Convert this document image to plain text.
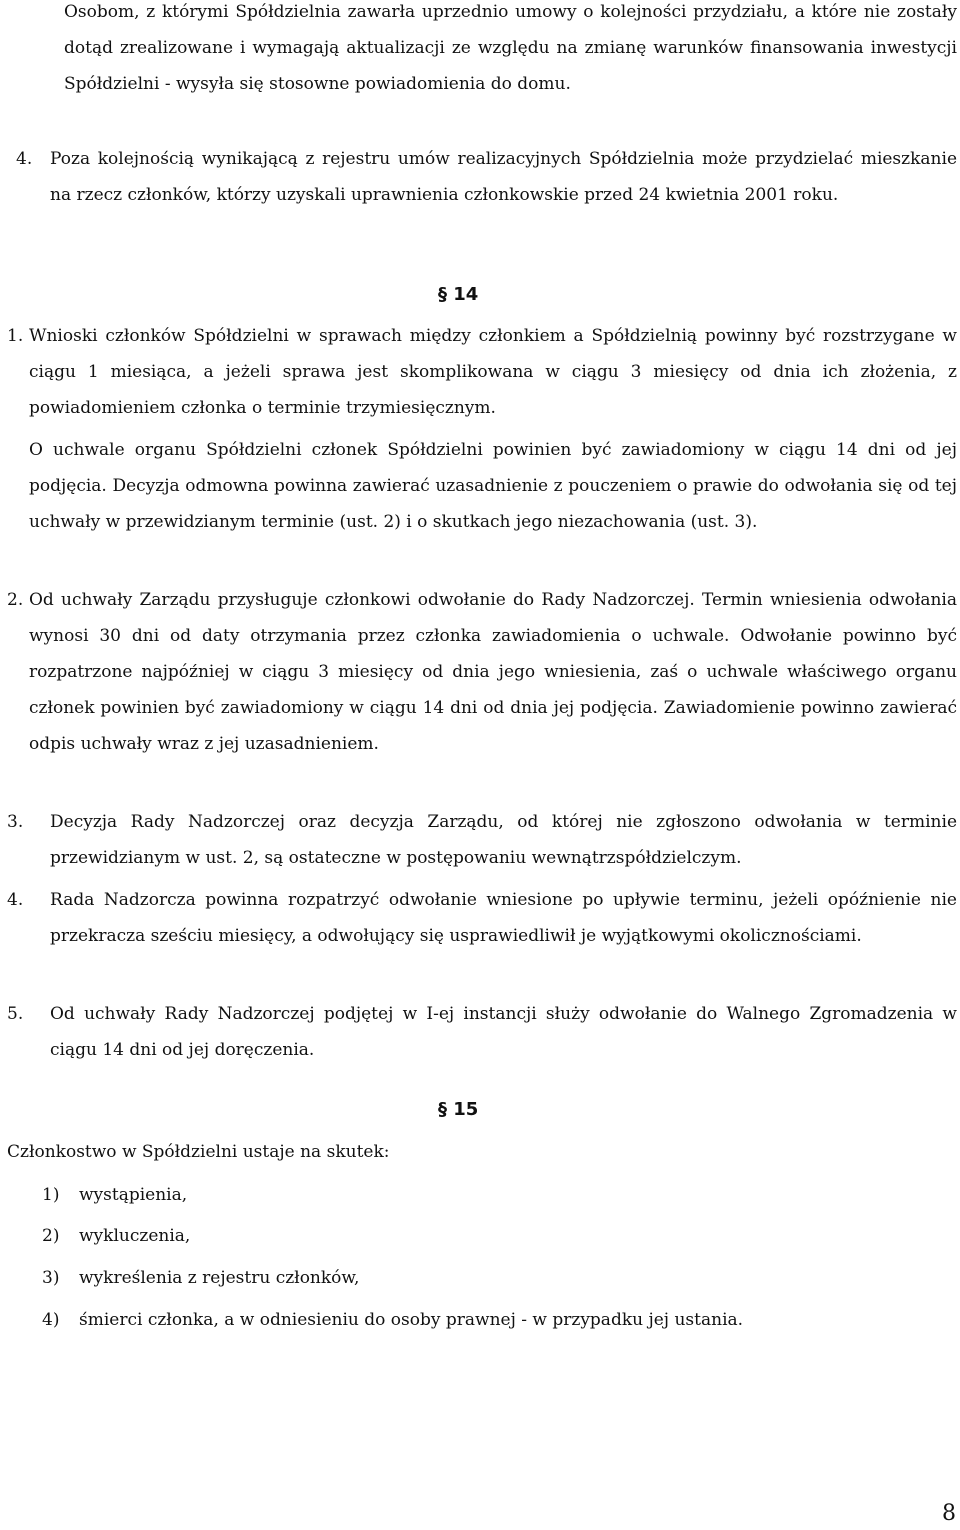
Osobom, z którymi Spółdzielnia zawarła uprzednio umowy o kolejności przydziału, a które nie zostały dotąd zrealizowane i wymagają aktualizacji ze względu na zmianę warunków finansowania inwestycji Spółdzielni - wysyła się stosowne powiadomienia do domu.
4. Poza kolejnością wynikającą z rejestru umów realizacyjnych Spółdzielnia może przydzielać mieszkanie na rzecz członków, którzy uzyskali uprawnienia członkowskie przed 24 kwietnia 2001 roku.
§ 14
1. Wnioski członków Spółdzielni w sprawach między członkiem a Spółdzielnią powinny być rozstrzygane w ciągu 1 miesiąca, a jeżeli sprawa jest skomplikowana w ciągu 3 miesięcy od dnia ich złożenia, z powiadomieniem członka o terminie trzymiesięcznym.
O uchwale organu Spółdzielni członek Spółdzielni powinien być zawiadomiony w ciągu 14 dni od jej podjęcia. Decyzja odmowna powinna zawierać uzasadnienie z pouczeniem o prawie do odwołania się od tej uchwały w przewidzianym terminie (ust. 2) i o skutkach jego niezachowania (ust. 3).
2. Od uchwały Zarządu przysługuje członkowi odwołanie do Rady Nadzorczej. Termin wniesienia odwołania wynosi 30 dni od daty otrzymania przez członka zawiadomienia o uchwale. Odwołanie powinno być rozpatrzone najpóźniej w ciągu 3 miesięcy od dnia jego wniesienia, zaś o uchwale właściwego organu członek powinien być zawiadomiony w ciągu 14 dni od dnia jej podjęcia. Zawiadomienie powinno zawierać odpis uchwały wraz z jej uzasadnieniem.
3. Decyzja Rady Nadzorczej oraz decyzja Zarządu, od której nie zgłoszono odwołania w terminie przewidzianym w ust. 2, są ostateczne w postępowaniu wewnątrzspółdzielczym.
4. Rada Nadzorcza powinna rozpatrzyć odwołanie wniesione po upływie terminu, jeżeli opóźnienie nie przekracza sześciu miesięcy, a odwołujący się usprawiedliwił je wyjątkowymi okolicznościami.
5. Od uchwały Rady Nadzorczej podjętej w I-ej instancji służy odwołanie do Walnego Zgromadzenia w ciągu 14 dni od jej doręczenia.
§ 15
Członkostwo w Spółdzielni ustaje na skutek:
1) wystąpienia,
2) wykluczenia,
3) wykreślenia z rejestru członków,
4) śmierci członka, a w odniesieniu do osoby prawnej - w przypadku jej ustania.
8
